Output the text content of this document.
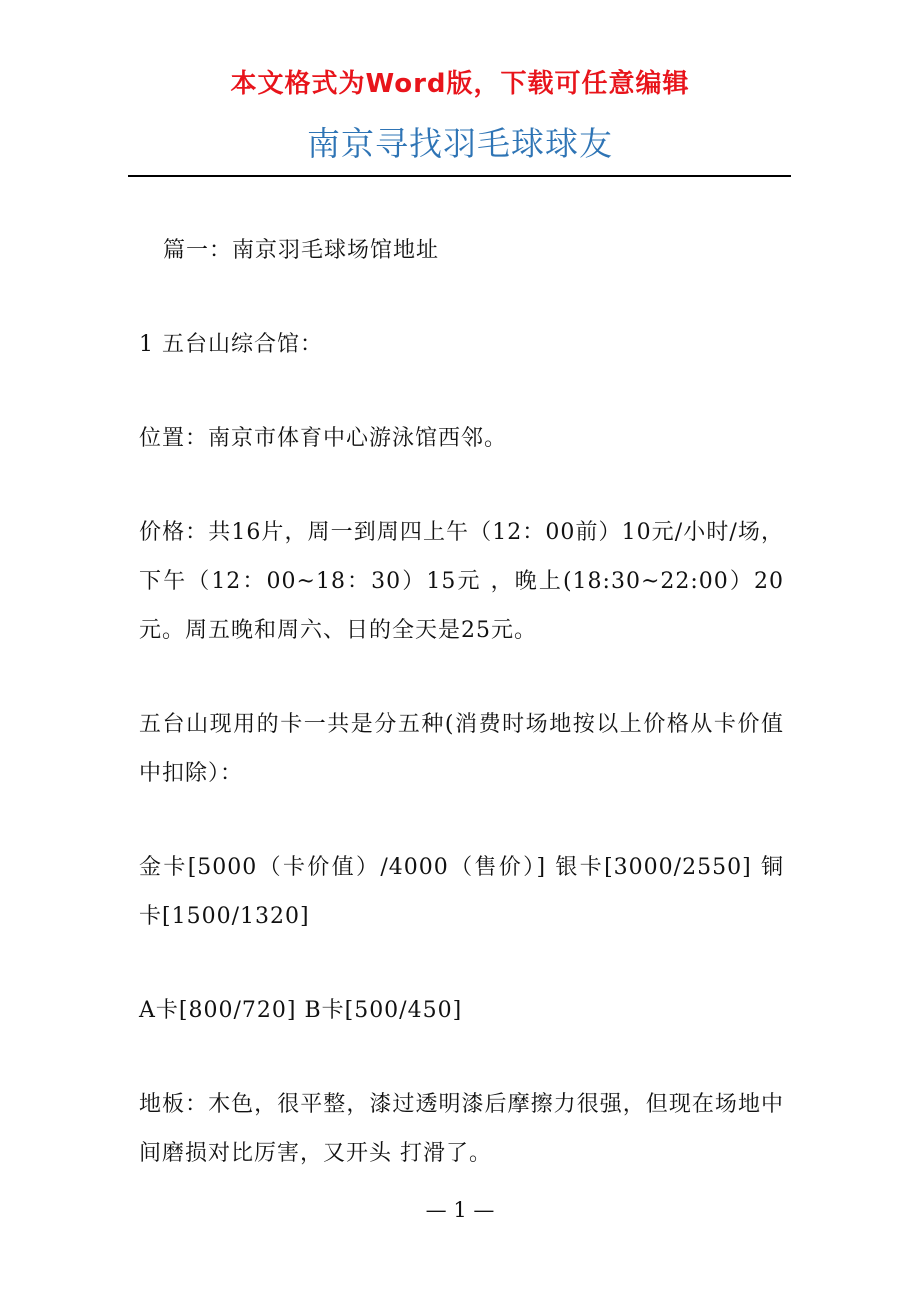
本文格式为Word版，下载可任意编辑
南京寻找羽毛球球友

篇一：南京羽毛球场馆地址

1 五台山综合馆：

位置：南京市体育中心游泳馆西邻。

价格：共16片，周一到周四上午（12：00前）10元/小时/场，下午（12：00~18：30）15元 ，晚上(18:30~22:00）20元。周五晚和周六、日的全天是25元。

五台山现用的卡一共是分五种(消费时场地按以上价格从卡价值中扣除）：

金卡[5000（卡价值）/4000（售价）] 银卡[3000/2550] 铜卡[1500/1320]

A卡[800/720] B卡[500/450]

地板：木色，很平整，漆过透明漆后摩擦力很强，但现在场地中间磨损对比厉害，又开头 打滑了。

— 1 —
